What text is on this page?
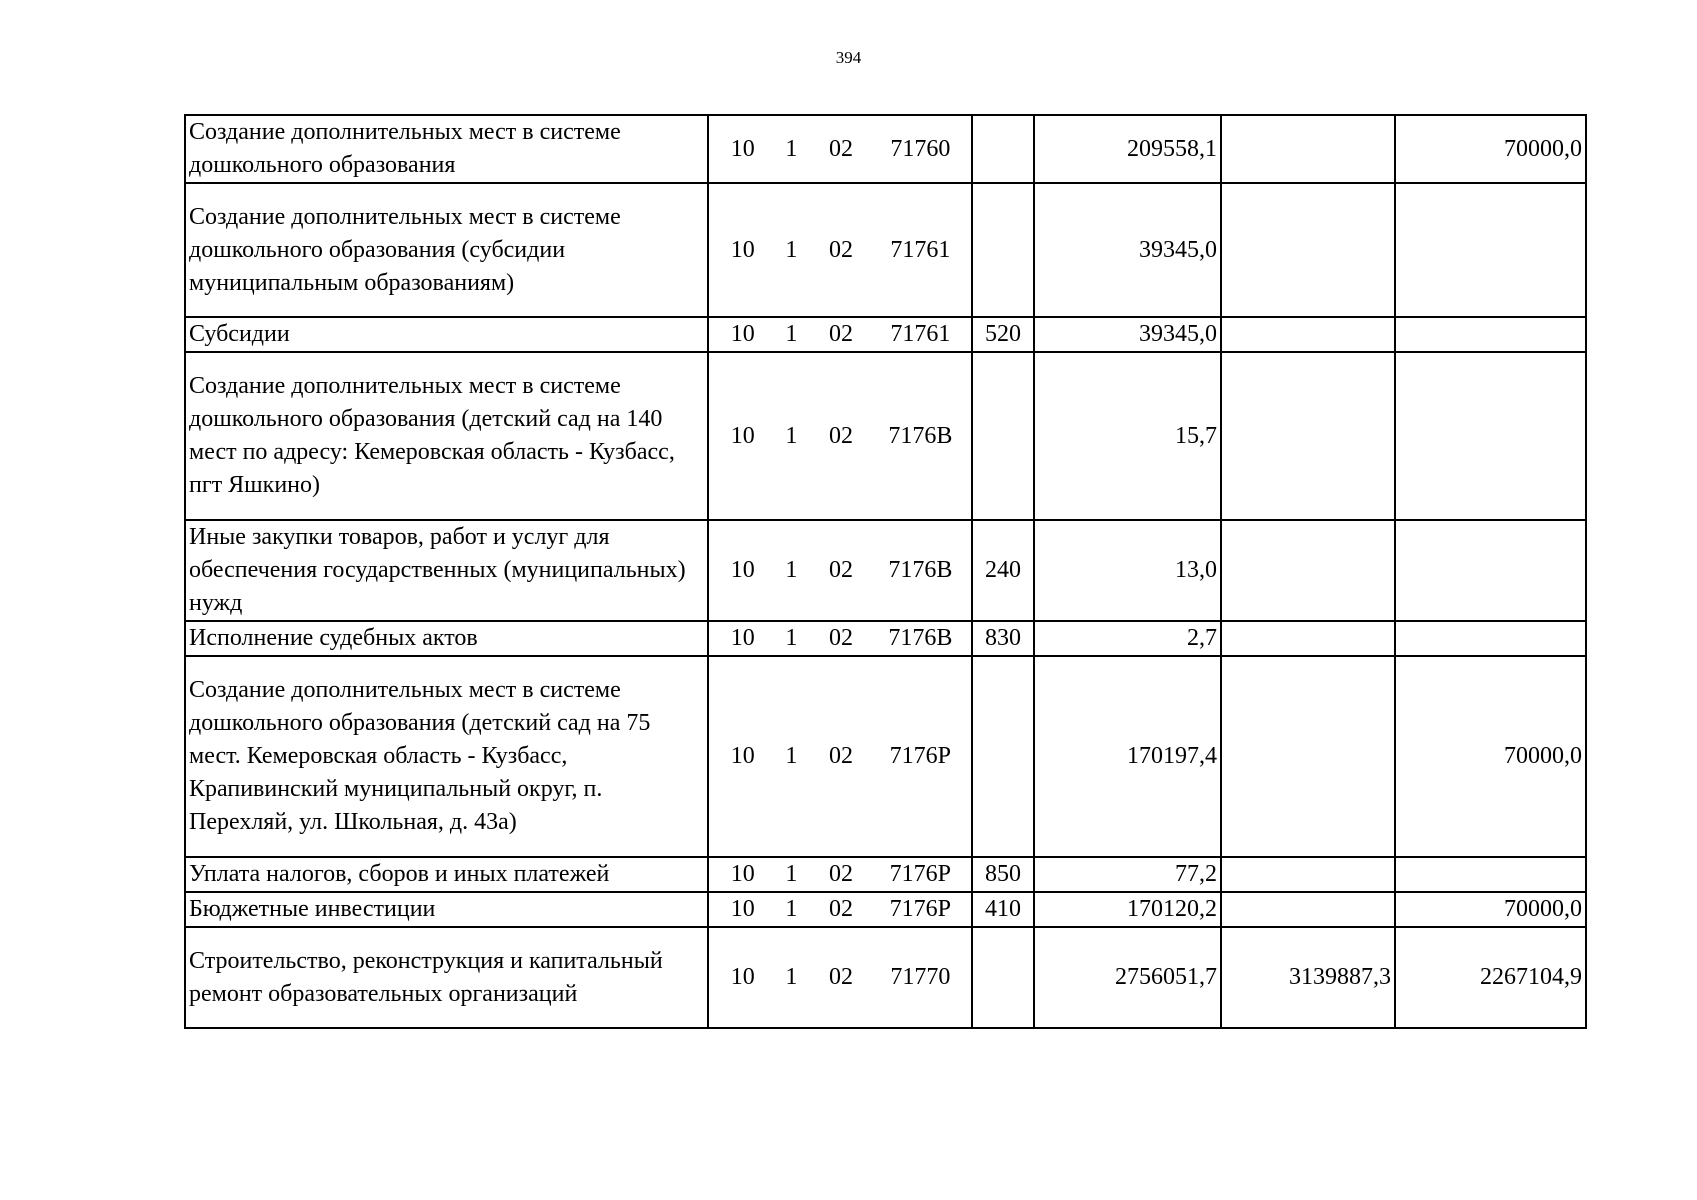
394
Создание дополнительных мест в системе дошкольного образования	10 1 02 71760		209558,1		70000,0
Создание дополнительных мест в системе дошкольного образования (субсидии муниципальным образованиям)	10 1 02 71761		39345,0		
Субсидии	10 1 02 71761	520	39345,0		
Создание дополнительных мест в системе дошкольного образования (детский сад на 140 мест по адресу: Кемеровская область - Кузбасс, пгт Яшкино)	10 1 02 7176В		15,7		
Иные закупки товаров, работ и услуг для обеспечения государственных (муниципальных) нужд	10 1 02 7176В	240	13,0		
Исполнение судебных актов	10 1 02 7176В	830	2,7		
Создание дополнительных мест в системе дошкольного образования (детский сад на 75 мест. Кемеровская область - Кузбасс, Крапивинский муниципальный округ, п. Перехляй, ул. Школьная, д. 43а)	10 1 02 7176Р		170197,4		70000,0
Уплата налогов, сборов и иных платежей	10 1 02 7176Р	850	77,2		
Бюджетные инвестиции	10 1 02 7176Р	410	170120,2		70000,0
Строительство, реконструкция и капитальный ремонт образовательных организаций	10 1 02 71770		2756051,7	3139887,3	2267104,9
